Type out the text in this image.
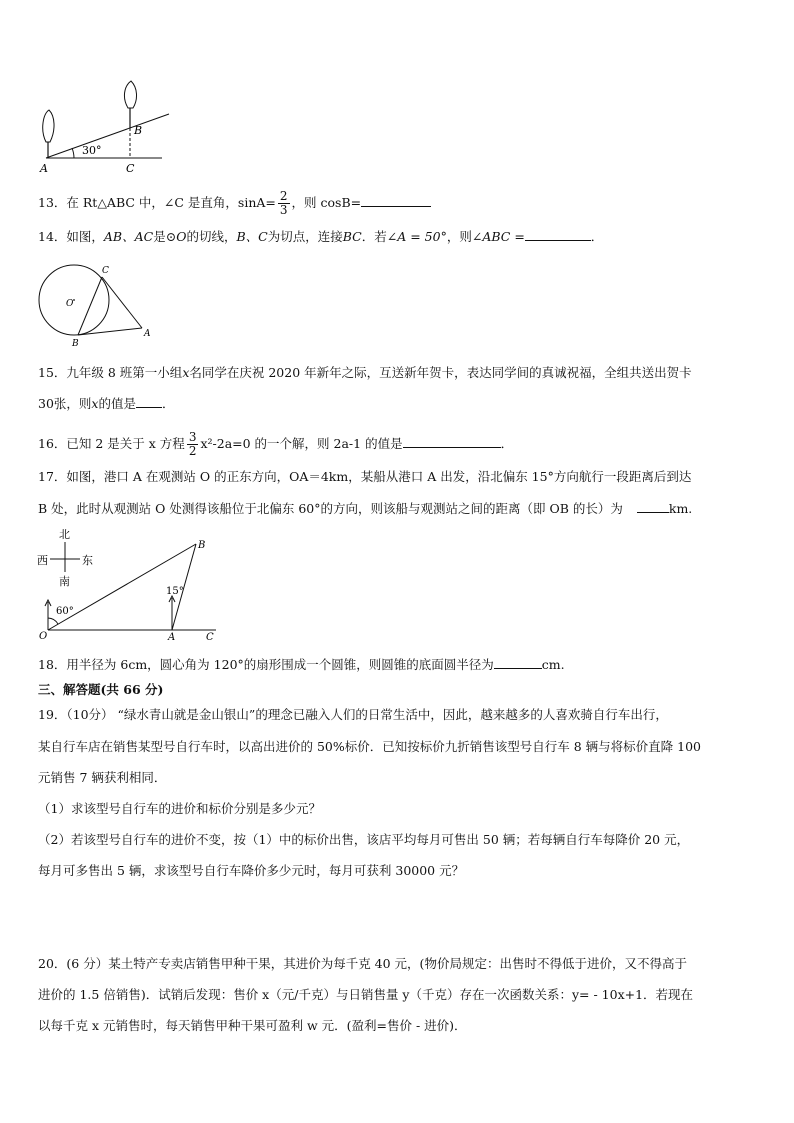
30°
A
B
C
13．在 Rt△ABC 中，∠C 是直角，$\sin A= \frac{2}{3}$ ，则 cosB=
14．如图，AB、AC是⊙O的切线，B、C为切点，连接BC．若∠A = 50°，则∠ABC =	．
C
O
B
A
15．九年级 8 班第一小组x名同学在庆祝 2020 年新年之际，互送新年贺卡，表达同学间的真诚祝福，全组共送出贺卡
30张，则x的值是 ．
16．已知 2 是关于 x 方程 $\frac{3}{2} x^2-2a=0$ 的一个解，则 2a-1 的值是	．
17．如图，港口 A 在观测站 O 的正东方向，OA＝4km，某船从港口 A 出发，沿北偏东 15°方向航行一段距离后到达
B 处，此时从观测站 O 处测得该船位于北偏东 60°的方向，则该船与观测站之间的距离（即 OB 的长）为	km.
北
西	东
南
60°
15°
B
O	A	C
18．用半径为 6cm，圆心角为 120°的扇形围成一个圆锥，则圆锥的底面圆半径为	cm.
三、解答题(共 66 分)
19．（10分） “绿水青山就是金山银山”的理念已融入人们的日常生活中，因此，越来越多的人喜欢骑自行车出行，
某自行车店在销售某型号自行车时，以高出进价的 50%标价．已知按标价九折销售该型号自行车 8 辆与将标价直降 100
元销售 7 辆获利相同．
（1）求该型号自行车的进价和标价分别是多少元？
（2）若该型号自行车的进价不变，按（1）中的标价出售，该店平均每月可售出 50 辆；若每辆自行车每降价 20 元，
每月可多售出 5 辆，求该型号自行车降价多少元时，每月可获利 30000 元？
20．(6 分）某土特产专卖店销售甲种干果，其进价为每千克 40 元，(物价局规定：出售时不得低于进价，又不得高于
进价的 1.5 倍销售)．试销后发现：售价 x（元/千克）与日销售量 y（千克）存在一次函数关系：y= - 10x+1．若现在
以每千克 x 元销售时，每天销售甲种干果可盈利 w 元．(盈利=售价 - 进价)．
